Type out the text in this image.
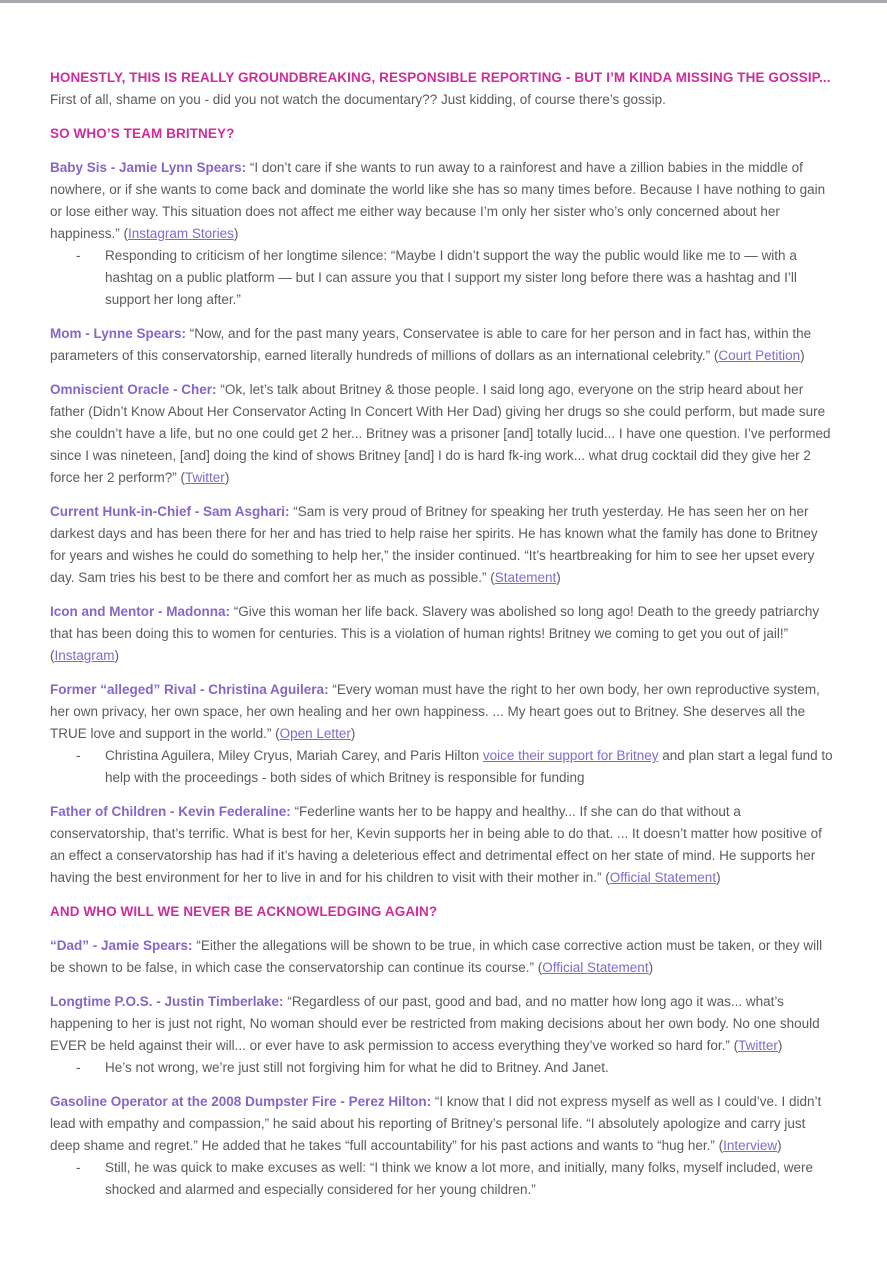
HONESTLY, THIS IS REALLY GROUNDBREAKING, RESPONSIBLE REPORTING - BUT I’M KINDA MISSING THE GOSSIP...

First of all, shame on you - did you not watch the documentary?? Just kidding, of course there’s gossip.

SO WHO’S TEAM BRITNEY?

Baby Sis - Jamie Lynn Spears: “I don’t care if she wants to run away to a rainforest and have a zillion babies in the middle of nowhere, or if she wants to come back and dominate the world like she has so many times before. Because I have nothing to gain or lose either way. This situation does not affect me either way because I’m only her sister who’s only concerned about her happiness.” (Instagram Stories)

- Responding to criticism of her longtime silence: “Maybe I didn’t support the way the public would like me to — with a hashtag on a public platform — but I can assure you that I support my sister long before there was a hashtag and I’ll support her long after.”

Mom - Lynne Spears: “Now, and for the past many years, Conservatee is able to care for her person and in fact has, within the parameters of this conservatorship, earned literally hundreds of millions of dollars as an international celebrity.” (Court Petition)

Omniscient Oracle - Cher: “Ok, let’s talk about Britney & those people. I said long ago, everyone on the strip heard about her father (Didn’t Know About Her Conservator Acting In Concert With Her Dad) giving her drugs so she could perform, but made sure she couldn’t have a life, but no one could get 2 her... Britney was a prisoner [and] totally lucid... I have one question. I’ve performed since I was nineteen, [and] doing the kind of shows Britney [and] I do is hard fk-ing work... what drug cocktail did they give her 2 force her 2 perform?” (Twitter)

Current Hunk-in-Chief - Sam Asghari: “Sam is very proud of Britney for speaking her truth yesterday. He has seen her on her darkest days and has been there for her and has tried to help raise her spirits. He has known what the family has done to Britney for years and wishes he could do something to help her,” the insider continued. “It’s heartbreaking for him to see her upset every day. Sam tries his best to be there and comfort her as much as possible.” (Statement)

Icon and Mentor - Madonna: “Give this woman her life back. Slavery was abolished so long ago! Death to the greedy patriarchy that has been doing this to women for centuries. This is a violation of human rights! Britney we coming to get you out of jail!” (Instagram)

Former “alleged” Rival - Christina Aguilera: “Every woman must have the right to her own body, her own reproductive system, her own privacy, her own space, her own healing and her own happiness. ... My heart goes out to Britney. She deserves all the TRUE love and support in the world.” (Open Letter)

- Christina Aguilera, Miley Cryus, Mariah Carey, and Paris Hilton voice their support for Britney and plan start a legal fund to help with the proceedings - both sides of which Britney is responsible for funding

Father of Children - Kevin Federaline: “Federline wants her to be happy and healthy... If she can do that without a conservatorship, that’s terrific. What is best for her, Kevin supports her in being able to do that. ... It doesn’t matter how positive of an effect a conservatorship has had if it’s having a deleterious effect and detrimental effect on her state of mind. He supports her having the best environment for her to live in and for his children to visit with their mother in.” (Official Statement)

AND WHO WILL WE NEVER BE ACKNOWLEDGING AGAIN?

“Dad” - Jamie Spears: “Either the allegations will be shown to be true, in which case corrective action must be taken, or they will be shown to be false, in which case the conservatorship can continue its course.” (Official Statement)

Longtime P.O.S. - Justin Timberlake: “Regardless of our past, good and bad, and no matter how long ago it was... what’s happening to her is just not right, No woman should ever be restricted from making decisions about her own body. No one should EVER be held against their will... or ever have to ask permission to access everything they’ve worked so hard for.” (Twitter)

- He’s not wrong, we’re just still not forgiving him for what he did to Britney. And Janet.

Gasoline Operator at the 2008 Dumpster Fire - Perez Hilton: “I know that I did not express myself as well as I could’ve. I didn’t lead with empathy and compassion,” he said about his reporting of Britney’s personal life. “I absolutely apologize and carry just deep shame and regret.” He added that he takes “full accountability” for his past actions and wants to “hug her.” (Interview)

- Still, he was quick to make excuses as well: “I think we know a lot more, and initially, many folks, myself included, were shocked and alarmed and especially considered for her young children.”
